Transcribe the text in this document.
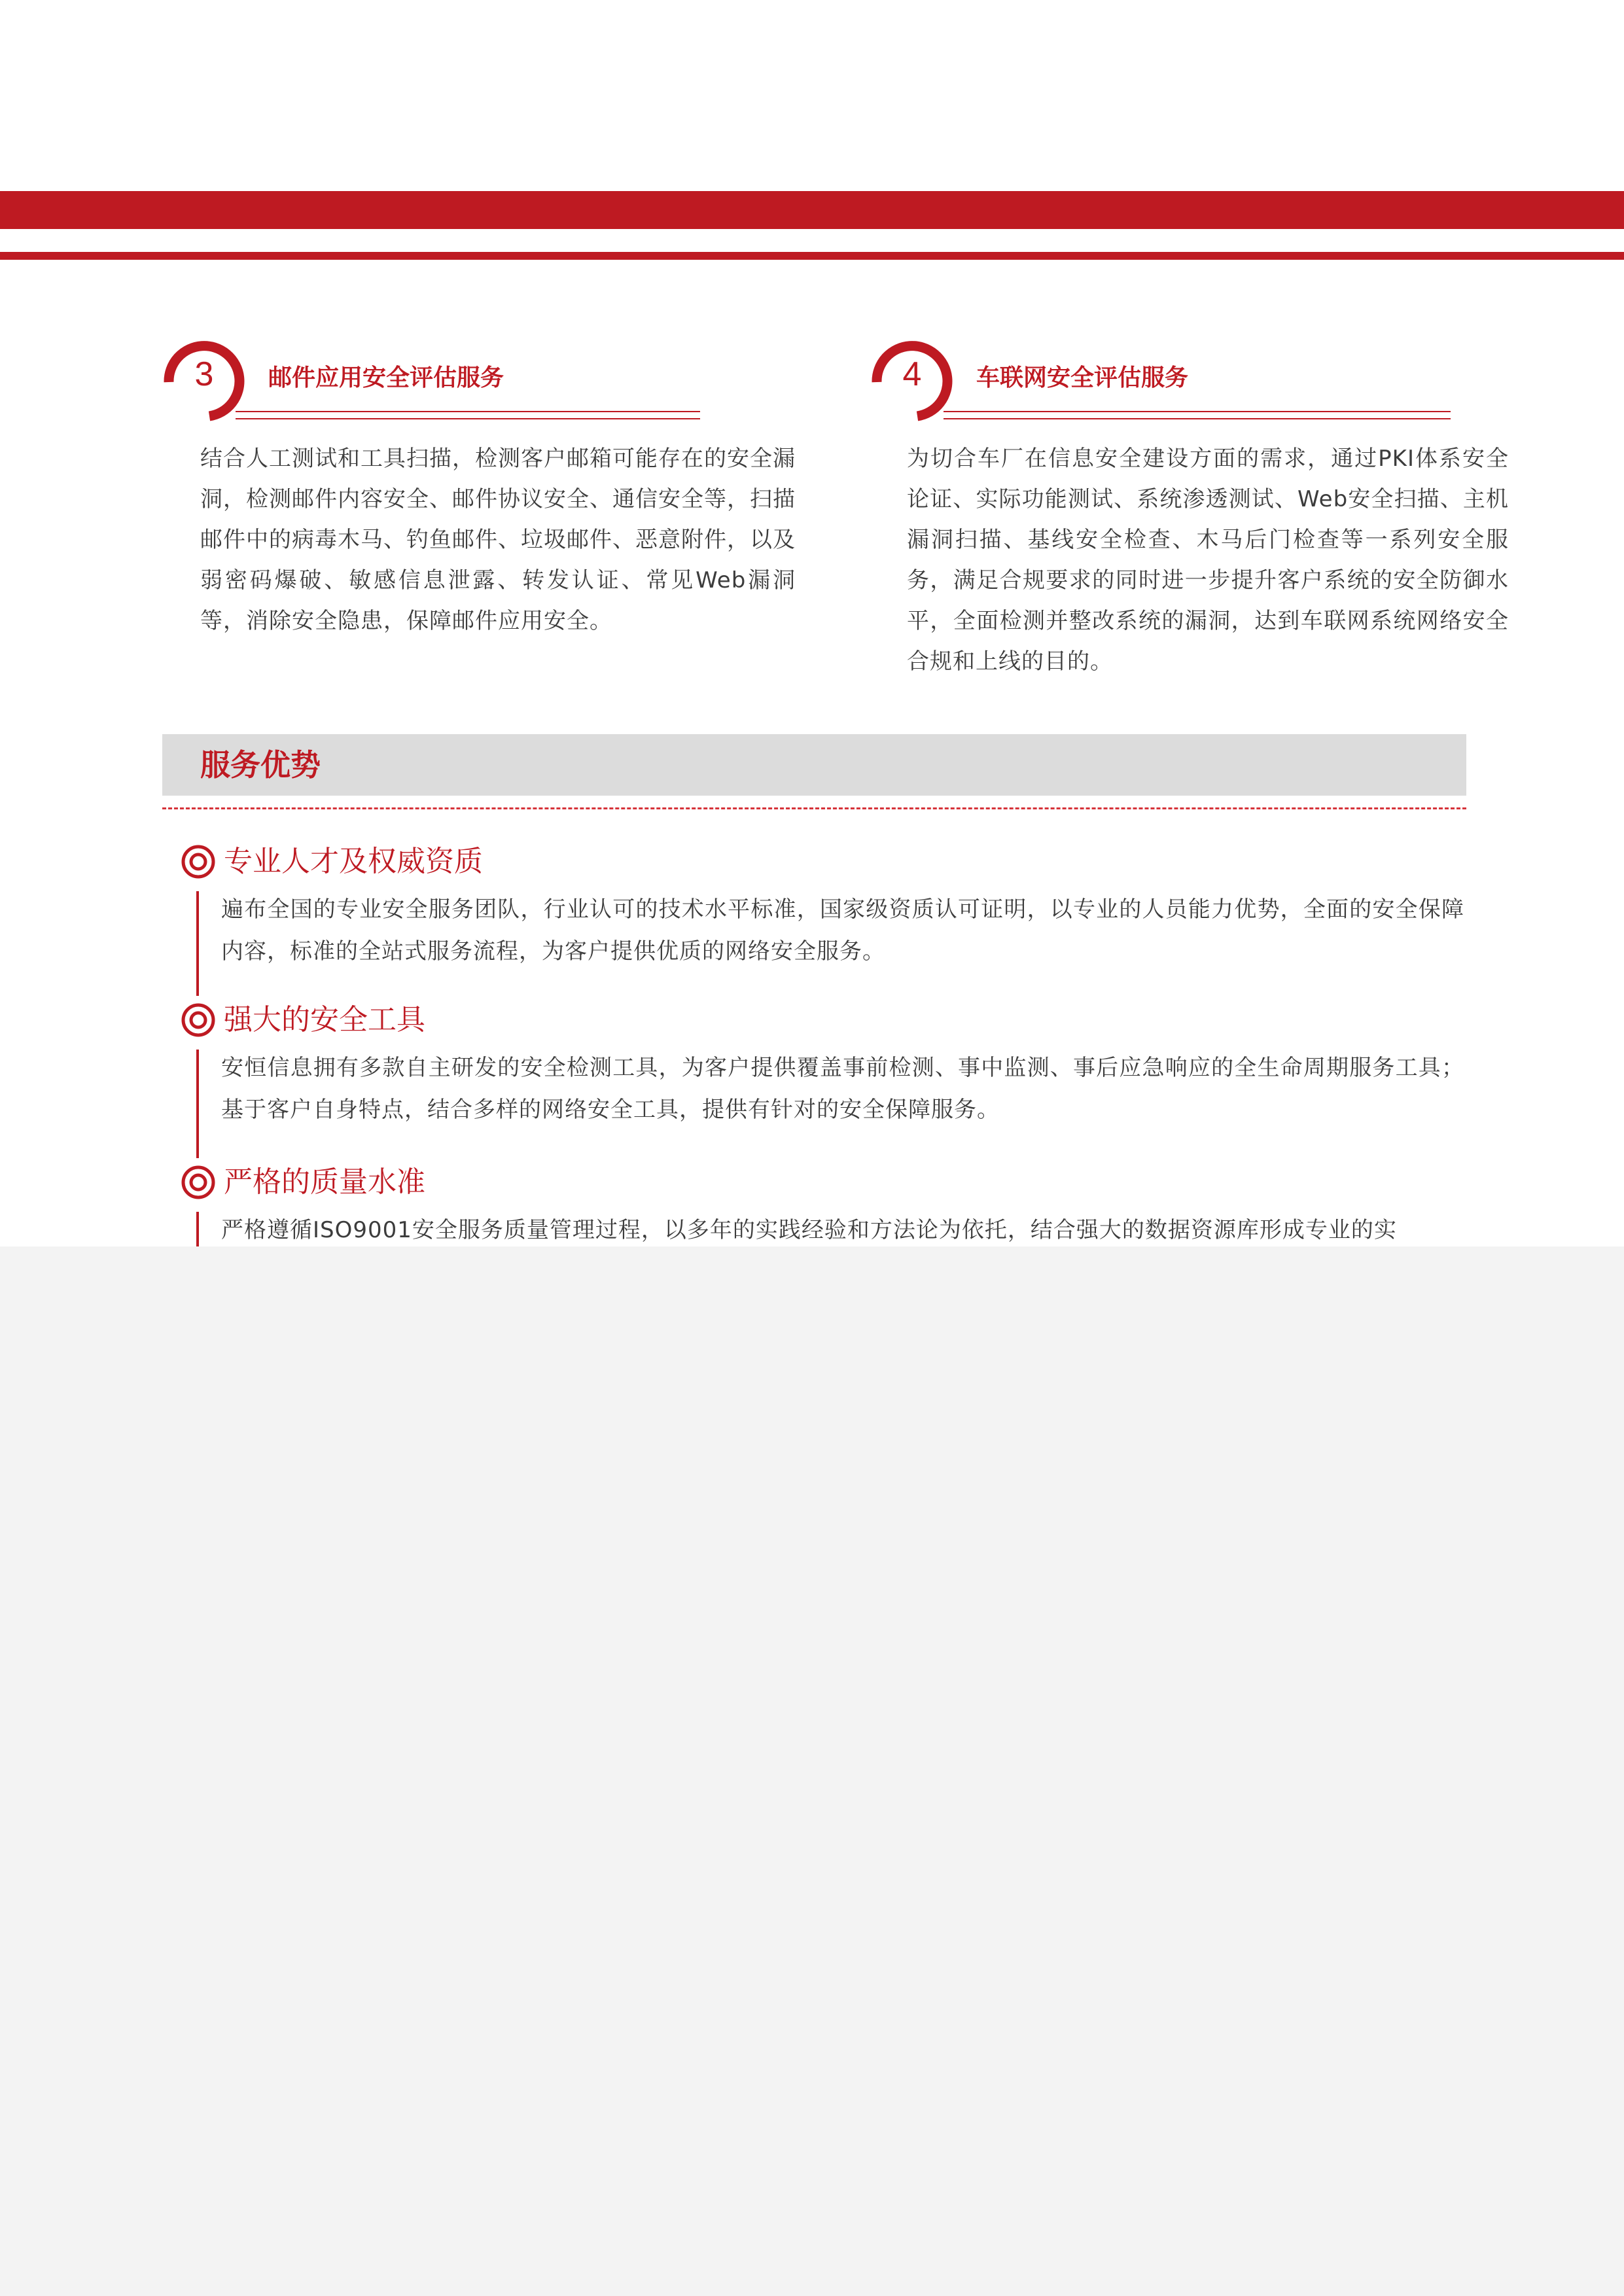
3	邮件应用安全评估服务
结合人工测试和工具扫描，检测客户邮箱可能存在的安全漏洞，检测邮件内容安全、邮件协议安全、通信安全等，扫描邮件中的病毒木马、钓鱼邮件、垃圾邮件、恶意附件，以及弱密码爆破、敏感信息泄露、转发认证、常见Web漏洞等，消除安全隐患，保障邮件应用安全。
4	车联网安全评估服务
为切合车厂在信息安全建设方面的需求，通过PKI体系安全论证、实际功能测试、系统渗透测试、Web安全扫描、主机漏洞扫描、基线安全检查、木马后门检查等一系列安全服务，满足合规要求的同时进一步提升客户系统的安全防御水平，全面检测并整改系统的漏洞，达到车联网系统网络安全合规和上线的目的。
服务优势
专业人才及权威资质
遍布全国的专业安全服务团队，行业认可的技术水平标准，国家级资质认可证明，以专业的人员能力优势，全面的安全保障内容，标准的全站式服务流程，为客户提供优质的网络安全服务。
强大的安全工具
安恒信息拥有多款自主研发的安全检测工具，为客户提供覆盖事前检测、事中监测、事后应急响应的全生命周期服务工具；基于客户自身特点，结合多样的网络安全工具，提供有针对的安全保障服务。
严格的质量水准
严格遵循ISO9001安全服务质量管理过程，以多年的实践经验和方法论为依托，结合强大的数据资源库形成专业的实
